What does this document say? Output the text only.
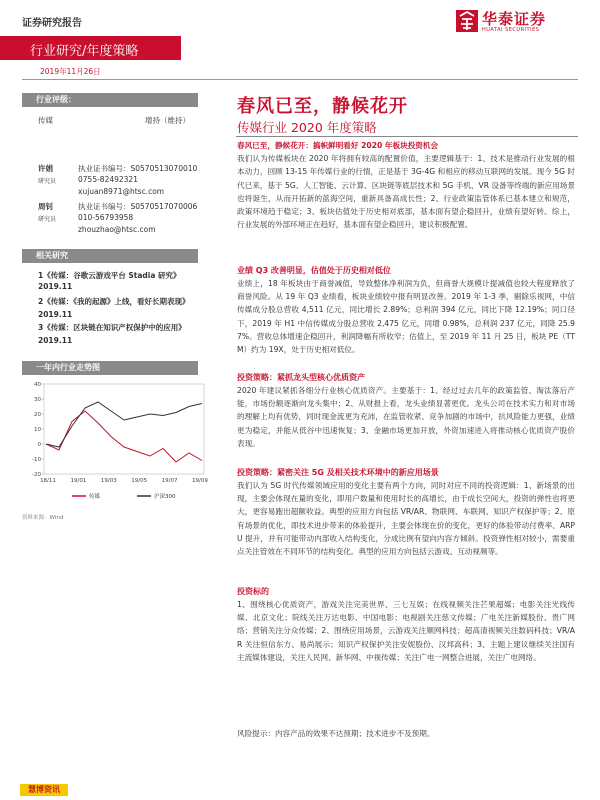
证券研究报告	华泰证券
HUATAI SECURITIES
行业研究/年度策略
2019年11月26日
行业评级：
传媒	增持（维持）
许娟
研究员
执业证书编号：S0570513070010
0755-82492321
xujuan8971@htsc.com
周钊
研究员
执业证书编号：S0570517070006
010-56793958
zhouzhao@htsc.com
相关研究
1《传媒：谷歌云游戏平台 Stadia 研究》
2019.11
2《传媒：《我的起源》上线，看好长期表现》
2019.11
3《传媒：区块链在知识产权保护中的应用》
2019.11
一年内行业走势图
40
30
20
10
0
-10
-20
18/11	19/01	19/03	19/05	19/07	19/09
传媒	沪深300
资料来源：Wind
春风已至，静候花开
传媒行业 2020 年度策略
春风已至，静候花开：搞帜鲜明看好 2020 年板块投资机会
我们认为传媒板块在 2020 年将拥有较高的配置价值，主要逻辑基于：1、技术是推动行业发展的根本动力，回顾 13-15 年传媒行业的行情，正是基于 3G-4G 和相应的移动互联网的发展。现今 5G 时代已来，基于 5G、人工智能、云计算、区块链等底层技术和 5G 手机、VR 设备等终端的新应用场景也将诞生，从而开拓新的蓝海空间，重新具备高成长性；2、行业政策监管体系已基本建立和规范，政策环境趋于稳定；3、板块估值处于历史相对底部，基本面有望企稳回升，业绩有望好转。综上，行业发展的外部环境正在趋好，基本面有望企稳回升，建议积极配置。
业绩 Q3 改善明显，估值处于历史相对低位
业绩上，18 年板块由于商誉减值，导致整体净利润为负，但商誉大规模计提减值也较大程度释放了商誉风险。从 19 年 Q3 业绩看，板块业绩较中报有明显改善。2019 年 1-3 季，剔除乐视网，中信传媒成分股总营收 4,511 亿元，同比增长 2.89%；总利润 394 亿元，同比下降 12.19%；同口径下，2019 年 H1 中信传媒成分股总营收 2,475 亿元，同增 0.98%，总利润 237 亿元，同降 25.97%。营收总体增速企稳回升，利润降幅有所收窄；估值上，至 2019 年 11 月 25 日，板块 PE（TTM）约为 19X，处于历史相对低位。
投资策略：紧抓龙头型核心优质资产
2020 年建议紧抓各细分行业核心优质资产。主要基于：1、经过过去几年的政策监管、淘汰落后产能，市场份额逐渐向龙头集中；2、从财报上看，龙头业绩显著更优。龙头公司在技术实力和对市场的理解上均有优势，同时现金流更为充沛，在监管收紧、竞争加剧的市场中，抗风险能力更强，业绩更为稳定，并能从低谷中迅速恢复；3、金融市场更加开放，外资加速进入将推动核心优质资产股价表现。
投资策略：紧密关注 5G 及相关技术环境中的新应用场景
我们认为 5G 时代传媒领域应用的变化主要有两个方向，同时对应不同的投资逻辑：1、新场景的出现，主要会体现在量的变化，即用户数量和使用时长的高增长，由于成长空间大，投资的弹性也将更大，更容易跑出超额收益。典型的应用方向包括 VR/AR、物联网、车联网、知识产权保护等；2、原有场景的优化，即技术进步带来的体验提升，主要会体现在价的变化，更好的体验带动付费率、ARPU 提升，并有可能带动内部收入结构变化，分成比例有望向内容方倾斜。投资弹性相对较小，需要重点关注管效在不同环节的结构变化。典型的应用方向包括云游戏、互动视频等。
投资标的
1、围绕核心优质资产，游戏关注完美世界、三七互娱；在线视频关注芒果超媒；电影关注光线传媒、北京文化；院线关注万达电影、中国电影；电视剧关注慈文传媒；广电关注新媒股份、贵广网络；营销关注分众传媒；2、围绕应用场景，云游戏关注顺网科技；超高清视频关注数码科技；VR/AR 关注恒信东方、易尚展示；知识产权保护关注安妮股份、汉邦高科；3、主题上建议继续关注国有主流媒体建设，关注人民网、新华网、中视传媒；关注广电一网整合进展，关注广电网络。
风险提示：内容产品的效果不达预期；技术进步不及预期。
慧博资讯
